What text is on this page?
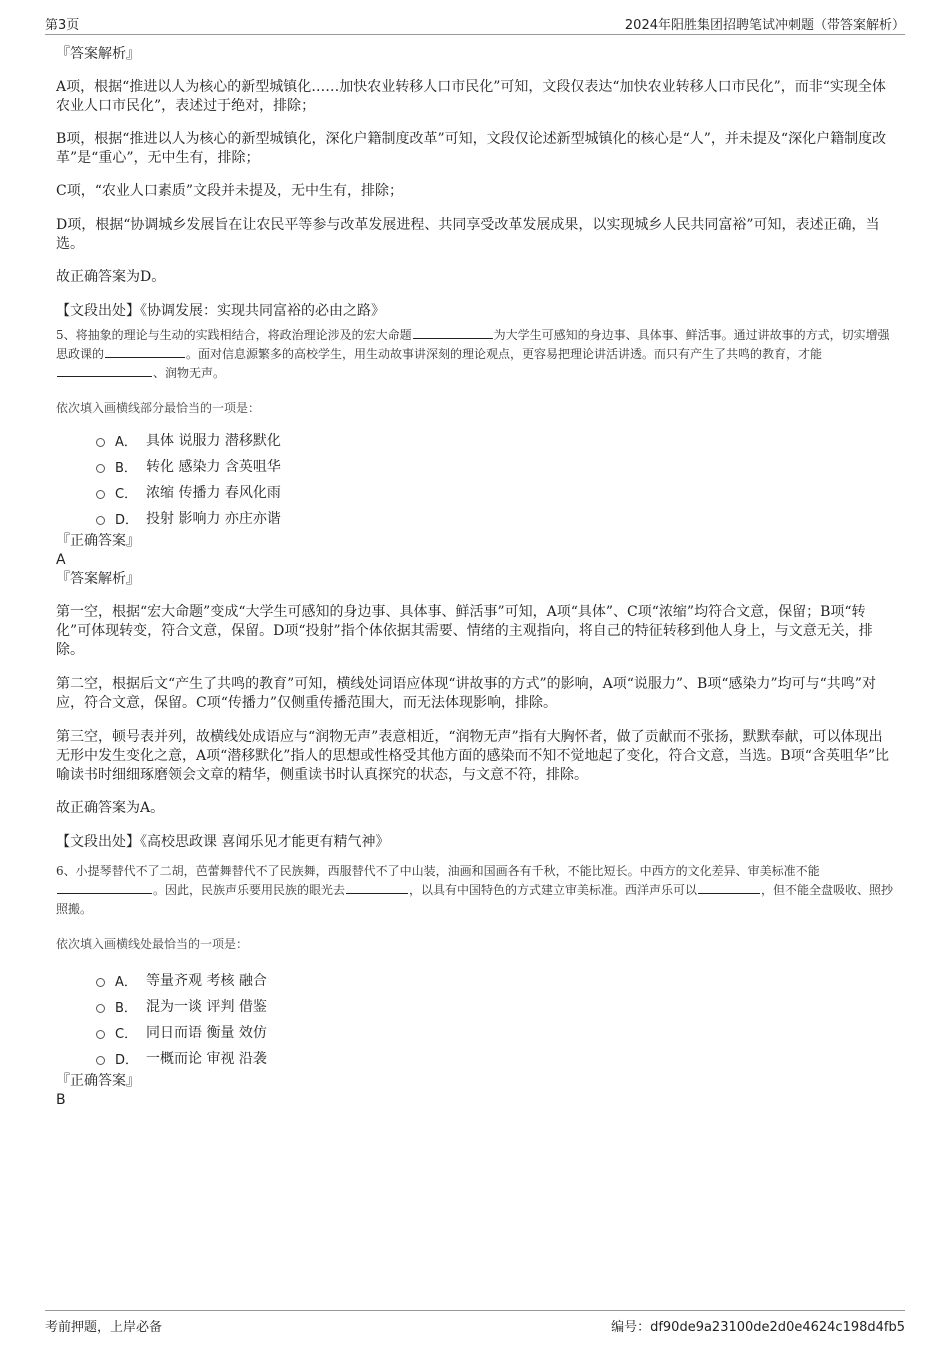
第3页	2024年阳胜集团招聘笔试冲刺题（带答案解析）

『答案解析』

A项，根据“推进以人为核心的新型城镇化……加快农业转移人口市民化”可知，文段仅表达“加快农业转移人口市民化”，而非“实现全体农业人口市民化”，表述过于绝对，排除；

B项，根据“推进以人为核心的新型城镇化，深化户籍制度改革”可知，文段仅论述新型城镇化的核心是“人”，并未提及“深化户籍制度改革”是“重心”，无中生有，排除；

C项，“农业人口素质”文段并未提及，无中生有，排除；

D项，根据“协调城乡发展旨在让农民平等参与改革发展进程、共同享受改革发展成果，以实现城乡人民共同富裕”可知，表述正确，当选。

故正确答案为D。

【文段出处】《协调发展：实现共同富裕的必由之路》

5、将抽象的理论与生动的实践相结合，将政治理论涉及的宏大命题	为大学生可感知的身边事、具体事、鲜活事。通过讲故事的方式，切实增强思政课的	。面对信息源繁多的高校学生，用生动故事讲深刻的理论观点，更容易把理论讲活讲透。而只有产生了共鸣的教育，才能、润物无声。

依次填入画横线部分最恰当的一项是：

A． 具体 说服力 潜移默化
B． 转化 感染力 含英咀华
C． 浓缩 传播力 春风化雨
D． 投射 影响力 亦庄亦谐

『正确答案』

A

『答案解析』

第一空，根据“宏大命题”变成“大学生可感知的身边事、具体事、鲜活事”可知，A项“具体”、C项“浓缩”均符合文意，保留；B项“转化”可体现转变，符合文意，保留。D项“投射”指个体依据其需要、情绪的主观指向，将自己的特征转移到他人身上，与文意无关，排除。

第二空，根据后文“产生了共鸣的教育”可知，横线处词语应体现“讲故事的方式”的影响，A项“说服力”、B项“感染力”均可与“共鸣”对应，符合文意，保留。C项“传播力”仅侧重传播范围大，而无法体现影响，排除。

第三空，顿号表并列，故横线处成语应与“润物无声”表意相近，“润物无声”指有大胸怀者，做了贡献而不张扬，默默奉献，可以体现出无形中发生变化之意，A项“潜移默化”指人的思想或性格受其他方面的感染而不知不觉地起了变化，符合文意，当选。B项“含英咀华”比喻读书时细细琢磨领会文章的精华，侧重读书时认真探究的状态，与文意不符，排除。

故正确答案为A。

【文段出处】《高校思政课 喜闻乐见才能更有精气神》

6、小提琴替代不了二胡，芭蕾舞替代不了民族舞，西服替代不了中山装，油画和国画各有千秋，不能比短长。中西方的文化差异、审美标准不能。因此，民族声乐要用民族的眼光去	，以具有中国特色的方式建立审美标准。西洋声乐可以	，但不能全盘吸收、照抄照搬。

依次填入画横线处最恰当的一项是：

A． 等量齐观 考核 融合
B． 混为一谈 评判 借鉴
C． 同日而语 衡量 效仿
D． 一概而论 审视 沿袭

『正确答案』

B

考前押题，上岸必备	编号：df90de9a23100de2d0e4624c198d4fb5
